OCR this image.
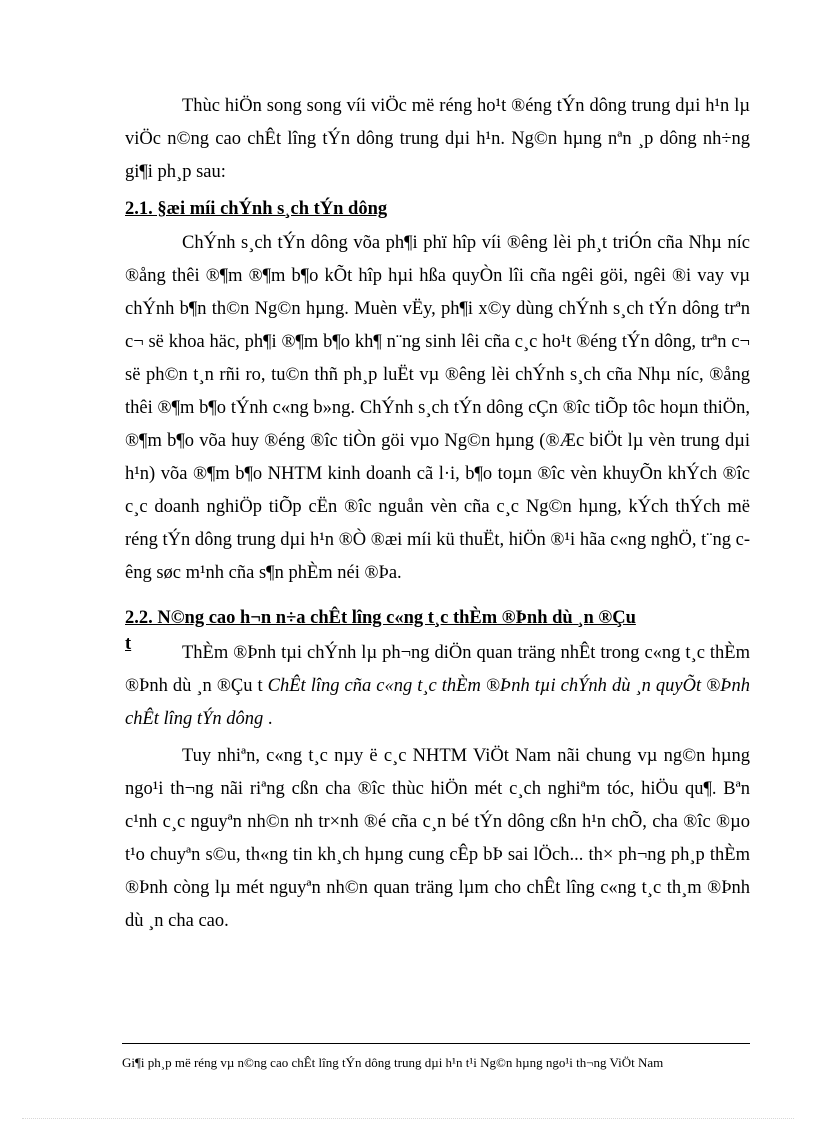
Thùc hiÖn song song víi viÖc më réng ho¹t ®éng tÝn dông trung dµi h¹n lµ viÖc n©ng cao chÊt lîng tÝn dông trung dµi h¹n. Ng©n hµng nªn ¸p dông nh÷ng gi¶i ph¸p sau:

2.1. §æi míi chÝnh s¸ch tÝn dông

ChÝnh s¸ch tÝn dông võa ph¶i phï hîp víi ®êng lèi ph¸t triÓn cña Nhµ níc ®ång thêi ®¶m ®¶m b¶o kÕt hîp hµi hßa quyÒn lîi cña ngêi göi, ngêi ®i vay vµ chÝnh b¶n th©n Ng©n hµng. Muèn vËy, ph¶i x©y dùng chÝnh s¸ch tÝn dông trªn c¬ së khoa häc, ph¶i ®¶m b¶o kh¶ n¨ng sinh lêi cña c¸c ho¹t ®éng tÝn dông, trªn c¬ së ph©n t¸n rñi ro, tu©n thñ ph¸p luËt vµ ®êng lèi chÝnh s¸ch cña Nhµ níc, ®ång thêi ®¶m b¶o tÝnh c«ng b»ng. ChÝnh s¸ch tÝn dông cÇn ®îc tiÕp tôc hoµn thiÖn, ®¶m b¶o võa huy ®éng ®îc tiÒn göi vµo Ng©n hµng (®Æc biÖt lµ vèn trung dµi h¹n) võa ®¶m b¶o NHTM kinh doanh cã l·i, b¶o toµn ®îc vèn khuyÕn khÝch ®îc c¸c doanh nghiÖp tiÕp cËn ®îc nguån vèn cña c¸c Ng©n hµng, kÝch thÝch më réng tÝn dông trung dµi h¹n ®Ò ®æi míi kü thuËt, hiÖn ®¹i hãa c«ng nghÖ, t¨ng cêng søc m¹nh cña s¶n phÈm néi ®Þa.

2.2. N©ng cao h¬n n÷a chÊt lîng c«ng t¸c thÈm ®Þnh dù ¸n ®Çu t	ThÈm ®Þnh tµi chÝnh lµ ph¬ng diÖn quan träng nhÊt trong c«ng t¸c thÈm ®Þnh dù ¸n ®Çu t ChÊt lîng cña c«ng t¸c thÈm ®Þnh tµi chÝnh dù ¸n quyÕt ®Þnh chÊt lîng tÝn dông .

Tuy nhiªn, c«ng t¸c nµy ë c¸c NHTM ViÖt Nam nãi chung vµ ng©n hµng ngo¹i th¬ng nãi riªng cßn cha ®îc thùc hiÖn mét c¸ch nghiªm tóc, hiÖu qu¶. Bªn c¹nh c¸c nguyªn nh©n nh tr×nh ®é cña c¸n bé tÝn dông cßn h¹n chÕ, cha ®îc ®µo t¹o chuyªn s©u, th«ng tin kh¸ch hµng cung cÊp bÞ sai lÖch... th× ph¬ng ph¸p thÈm ®Þnh còng lµ mét nguyªn nh©n quan träng lµm cho chÊt lîng c«ng t¸c th¸m ®Þnh dù ¸n cha cao.

Gi¶i ph¸p më réng vµ n©ng cao chÊt lîng tÝn dông trung dµi h¹n t¹i Ng©n hµng ngo¹i th¬ng ViÖt Nam
